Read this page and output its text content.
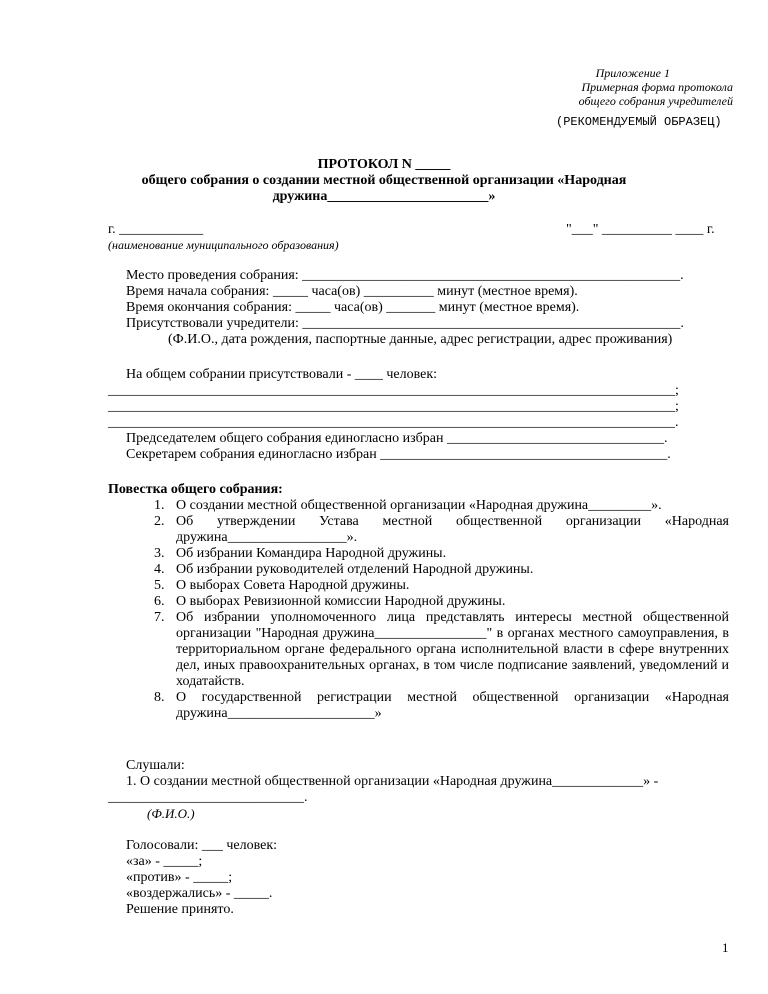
Приложение 1
Примерная форма протокола
общего собрания учредителей
(РЕКОМЕНДУЕМЫЙ ОБРАЗЕЦ)
ПРОТОКОЛ N _____
общего собрания о создании местной общественной организации «Народная
дружина_______________________»
г. ____________	"___" __________ ____ г.
(наименование муниципального образования)
Место проведения собрания: ______________________________________________________.
Время начала собрания: _____ часа(ов) __________ минут (местное время).
Время окончания собрания: _____ часа(ов) _______ минут (местное время).
Присутствовали учредители: ______________________________________________________.
(Ф.И.О., дата рождения, паспортные данные, адрес регистрации, адрес проживания)
На общем собрании присутствовали - ____ человек:
_________________________________________________________________________________;
_________________________________________________________________________________;
_________________________________________________________________________________.
Председателем общего собрания единогласно избран _______________________________.
Секретарем собрания единогласно избран _________________________________________.
Повестка общего собрания:
1. О создании местной общественной организации «Народная дружина_________».
2. Об утверждении Устава местной общественной организации «Народная дружина_________________».
3. Об избрании Командира Народной дружины.
4. Об избрании руководителей отделений Народной дружины.
5. О выборах Совета Народной дружины.
6. О выборах Ревизионной комиссии Народной дружины.
7. Об избрании уполномоченного лица представлять интересы местной общественной организации "Народная дружина________________" в органах местного самоуправления, в территориальном органе федерального органа исполнительной власти в сфере внутренних дел, иных правоохранительных органах, в том числе подписание заявлений, уведомлений и ходатайств.
8. О государственной регистрации местной общественной организации «Народная дружина_____________________»
Слушали:
1. О создании местной общественной организации «Народная дружина_____________» -
____________________________.
(Ф.И.О.)
Голосовали: ___ человек:
«за» - _____;
«против» - _____;
«воздержались» - _____.
Решение принято.
1
